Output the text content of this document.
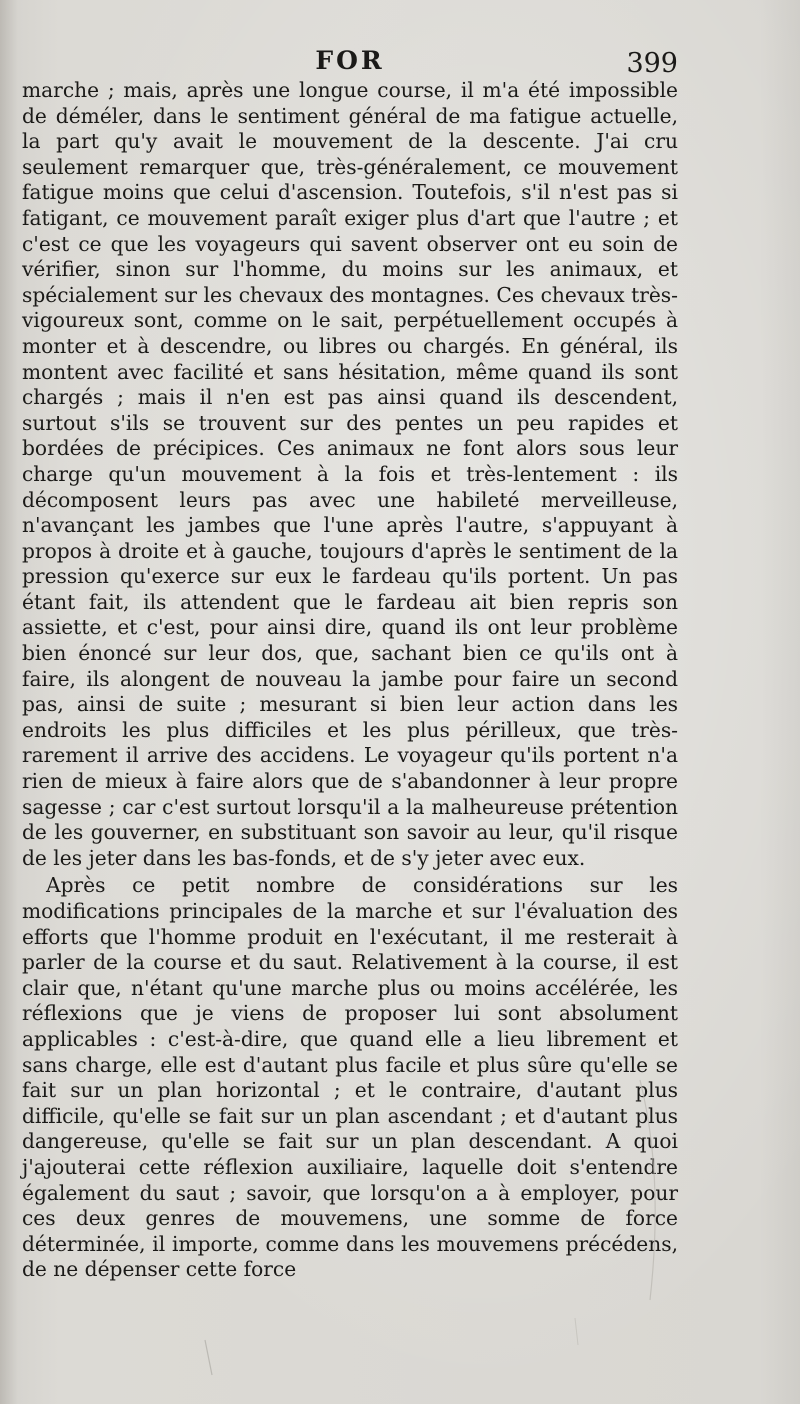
FOR	399

marche ; mais, après une longue course, il m'a été impossible de déméler, dans le sentiment général de ma fatigue actuelle, la part qu'y avait le mouvement de la descente. J'ai cru seulement remarquer que, très-généralement, ce mouvement fatigue moins que celui d'ascension. Toutefois, s'il n'est pas si fatigant, ce mouvement paraît exiger plus d'art que l'autre ; et c'est ce que les voyageurs qui savent observer ont eu soin de vérifier, sinon sur l'homme, du moins sur les animaux, et spécialement sur les chevaux des montagnes. Ces chevaux très-vigoureux sont, comme on le sait, perpétuellement occupés à monter et à descendre, ou libres ou chargés. En général, ils montent avec facilité et sans hésitation, même quand ils sont chargés ; mais il n'en est pas ainsi quand ils descendent, surtout s'ils se trouvent sur des pentes un peu rapides et bordées de précipices. Ces animaux ne font alors sous leur charge qu'un mouvement à la fois et très-lentement : ils décomposent leurs pas avec une habileté merveilleuse, n'avançant les jambes que l'une après l'autre, s'appuyant à propos à droite et à gauche, toujours d'après le sentiment de la pression qu'exerce sur eux le fardeau qu'ils portent. Un pas étant fait, ils attendent que le fardeau ait bien repris son assiette, et c'est, pour ainsi dire, quand ils ont leur problème bien énoncé sur leur dos, que, sachant bien ce qu'ils ont à faire, ils alongent de nouveau la jambe pour faire un second pas, ainsi de suite ; mesurant si bien leur action dans les endroits les plus difficiles et les plus périlleux, que très-rarement il arrive des accidens. Le voyageur qu'ils portent n'a rien de mieux à faire alors que de s'abandonner à leur propre sagesse ; car c'est surtout lorsqu'il a la malheureuse prétention de les gouverner, en substituant son savoir au leur, qu'il risque de les jeter dans les bas-fonds, et de s'y jeter avec eux.

Après ce petit nombre de considérations sur les modifications principales de la marche et sur l'évaluation des efforts que l'homme produit en l'exécutant, il me resterait à parler de la course et du saut. Relativement à la course, il est clair que, n'étant qu'une marche plus ou moins accélérée, les réflexions que je viens de proposer lui sont absolument applicables : c'est-à-dire, que quand elle a lieu librement et sans charge, elle est d'autant plus facile et plus sûre qu'elle se fait sur un plan horizontal ; et le contraire, d'autant plus difficile, qu'elle se fait sur un plan ascendant ; et d'autant plus dangereuse, qu'elle se fait sur un plan descendant. A quoi j'ajouterai cette réflexion auxiliaire, laquelle doit s'entendre également du saut ; savoir, que lorsqu'on a à employer, pour ces deux genres de mouvemens, une somme de force déterminée, il importe, comme dans les mouvemens précédens, de ne dépenser cette force
